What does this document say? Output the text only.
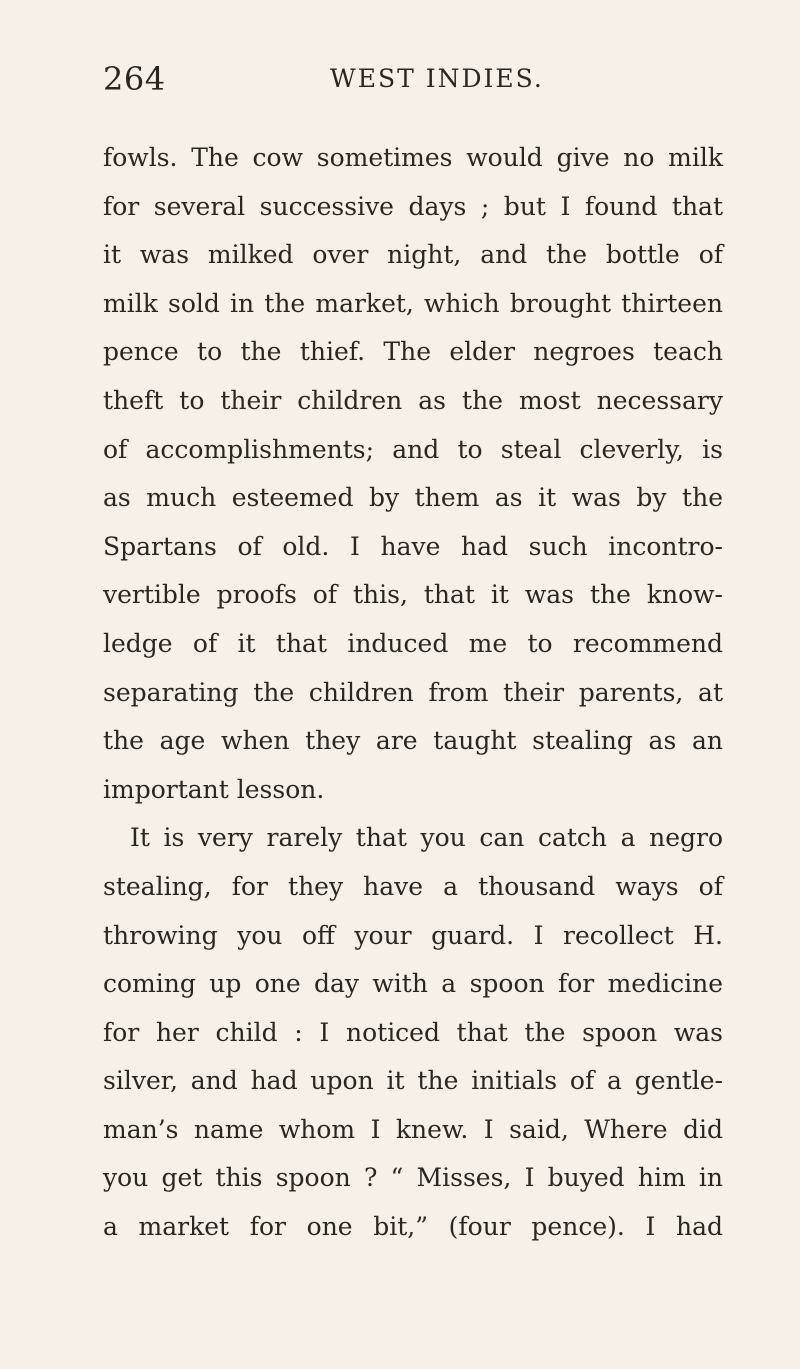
264	WEST INDIES.
fowls. The cow sometimes would give no milk
for several successive days ; but I found that
it was milked over night, and the bottle of
milk sold in the market, which brought thirteen
pence to the thief. The elder negroes teach
theft to their children as the most necessary
of accomplishments; and to steal cleverly, is
as much esteemed by them as it was by the
Spartans of old. I have had such incontro-
vertible proofs of this, that it was the know-
ledge of it that induced me to recommend
separating the children from their parents, at
the age when they are taught stealing as an
important lesson.
It is very rarely that you can catch a negro
stealing, for they have a thousand ways of
throwing you off your guard. I recollect H.
coming up one day with a spoon for medicine
for her child : I noticed that the spoon was
silver, and had upon it the initials of a gentle-
man’s name whom I knew. I said, Where did
you get this spoon ? “ Misses, I buyed him in
a market for one bit,” (four pence). I had
